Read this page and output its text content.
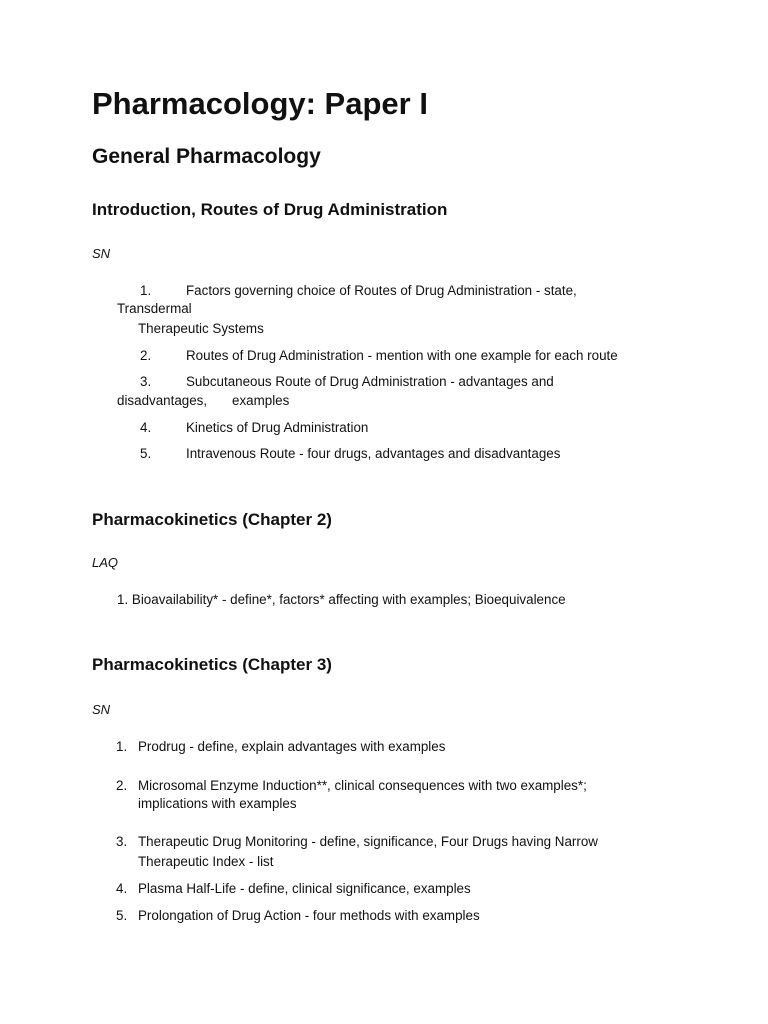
Pharmacology: Paper I
General Pharmacology
Introduction, Routes of Drug Administration
SN
1.	Factors governing choice of Routes of Drug Administration - state,
Transdermal
Therapeutic Systems
2.	Routes of Drug Administration - mention with one example for each route
3.	Subcutaneous Route of Drug Administration - advantages and
disadvantages, examples
4.	Kinetics of Drug Administration
5.	Intravenous Route - four drugs, advantages and disadvantages
Pharmacokinetics (Chapter 2)
LAQ
1. Bioavailability* - define*, factors* affecting with examples; Bioequivalence
Pharmacokinetics (Chapter 3)
SN
1. Prodrug - define, explain advantages with examples
2. Microsomal Enzyme Induction**, clinical consequences with two examples*;
implications with examples
3. Therapeutic Drug Monitoring - define, significance, Four Drugs having Narrow
Therapeutic Index - list
4. Plasma Half-Life - define, clinical significance, examples
5. Prolongation of Drug Action - four methods with examples
